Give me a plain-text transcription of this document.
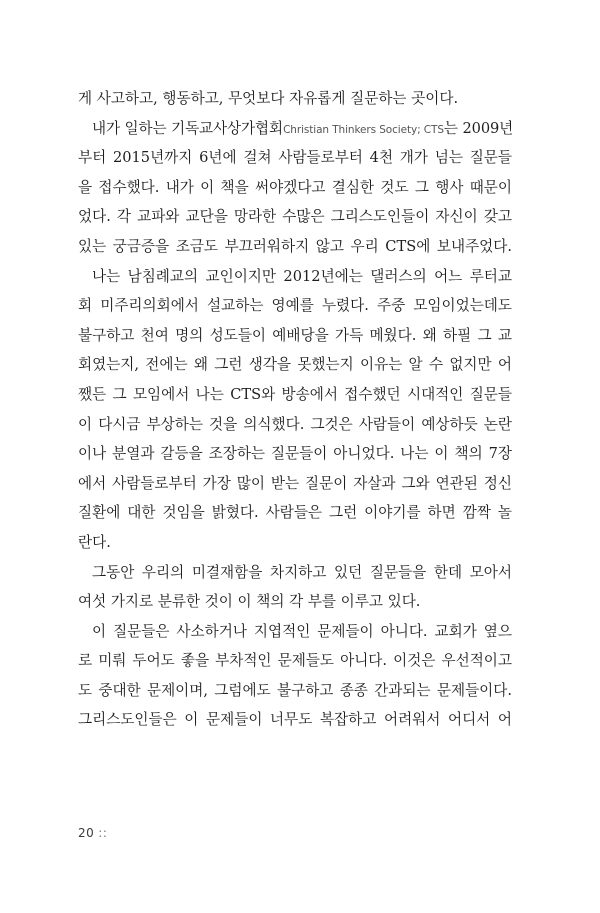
게 사고하고, 행동하고, 무엇보다 자유롭게 질문하는 곳이다.
내가 일하는 기독교사상가협회Christian Thinkers Society; CTS는 2009년
부터 2015년까지 6년에 걸쳐 사람들로부터 4천 개가 넘는 질문들
을 접수했다. 내가 이 책을 써야겠다고 결심한 것도 그 행사 때문이
었다. 각 교파와 교단을 망라한 수많은 그리스도인들이 자신이 갖고
있는 궁금증을 조금도 부끄러워하지 않고 우리 CTS에 보내주었다.
나는 남침례교의 교인이지만 2012년에는 댈러스의 어느 루터교
회 미주리의회에서 설교하는 영예를 누렸다. 주중 모임이었는데도
불구하고 천여 명의 성도들이 예배당을 가득 메웠다. 왜 하필 그 교
회였는지, 전에는 왜 그런 생각을 못했는지 이유는 알 수 없지만 어
쨌든 그 모임에서 나는 CTS와 방송에서 접수했던 시대적인 질문들
이 다시금 부상하는 것을 의식했다. 그것은 사람들이 예상하듯 논란
이나 분열과 갈등을 조장하는 질문들이 아니었다. 나는 이 책의 7장
에서 사람들로부터 가장 많이 받는 질문이 자살과 그와 연관된 정신
질환에 대한 것임을 밝혔다. 사람들은 그런 이야기를 하면 깜짝 놀
란다.
그동안 우리의 미결재함을 차지하고 있던 질문들을 한데 모아서
여섯 가지로 분류한 것이 이 책의 각 부를 이루고 있다.
이 질문들은 사소하거나 지엽적인 문제들이 아니다. 교회가 옆으
로 미뤄 두어도 좋을 부차적인 문제들도 아니다. 이것은 우선적이고
도 중대한 문제이며, 그럼에도 불구하고 종종 간과되는 문제들이다.
그리스도인들은 이 문제들이 너무도 복잡하고 어려워서 어디서 어
20 ::
